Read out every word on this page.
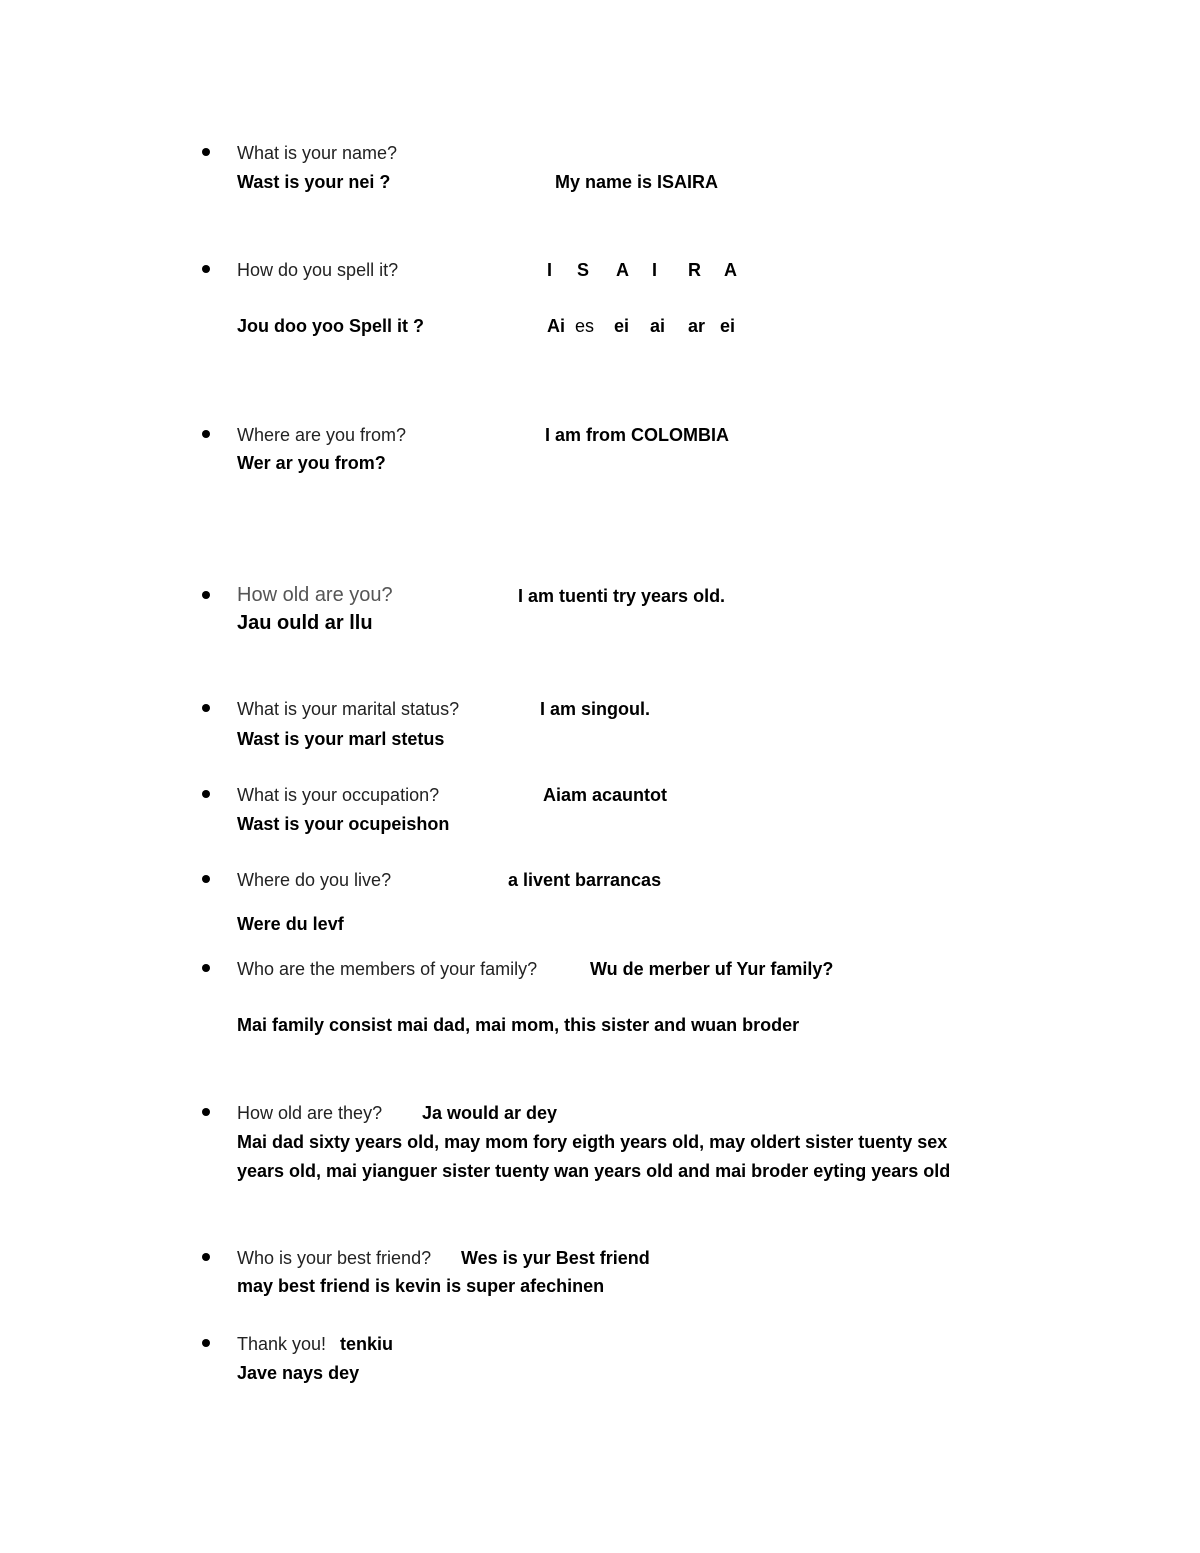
What is your name?
Wast is your nei ?	My name is ISAIRA
How do you spell it?	I S A I R A
Jou doo yoo Spell it ?	Ai es ei ai ar ei
Where are you from?	I am from COLOMBIA
Wer ar you from?
How old are you?	I am tuenti try years old.
Jau ould ar llu
What is your marital status?	I am singoul.
Wast is your marl stetus
What is your occupation?	Aiam acauntot
Wast is your ocupeishon
Where do you live?	a livent barrancas
Were du levf
Who are the members of your family?	Wu de merber uf Yur family?
Mai family consist mai dad, mai mom, this sister and wuan broder
How old are they? Ja would ar dey
Mai dad sixty years old, may mom fory eigth years old, may oldert sister tuenty sex
years old, mai yianguer sister tuenty wan years old and mai broder eyting years old
Who is your best friend? Wes is yur Best friend
may best friend is kevin is super afechinen
Thank you! tenkiu
Jave nays dey
